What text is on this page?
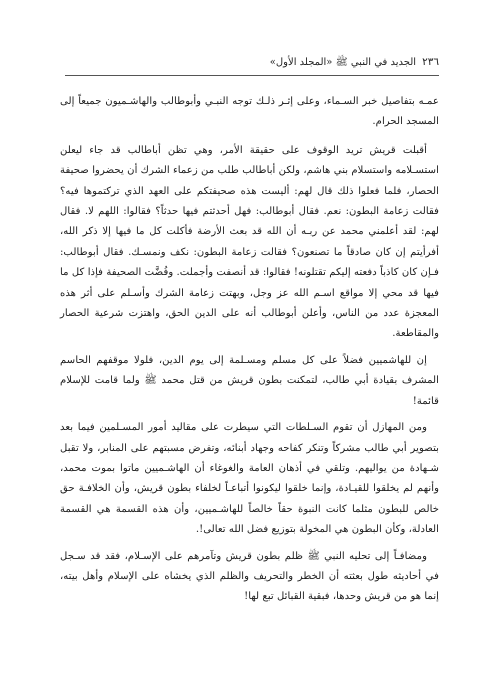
٢٣٦
الجديد في النبي ﷺ «المجلد الأول»

عمـه بتفاصيل خبر السـماء، وعلى إثـر ذلـك توجه النبـي وأبوطالب والهاشـميون جميعاً إلى المسجد الحرام.

أقبلت قريش تريد الوقوف على حقيقة الأمر، وهي تظن أباطالب قد جاء ليعلن استسـلامه واستسلام بني هاشم، ولكن أباطالب طلب من زعماء الشرك أن يحضروا صحيفة الحصار، فلما فعلوا ذلك قال لهم: أليست هذه صحيفتكم على العهد الذي تركتموها فيه؟ فقالت زعامة البطون: نعم. فقال أبوطالب: فهل أحدثتم فيها حدثاً؟ فقالوا: اللهم لا. فقال لهم: لقد أعلمني محمد عن ربـه أن الله قد بعث الأرضة فأكلت كل ما فيها إلا ذكر الله، أفرأيتم إن كان صادقاً ما تصنعون؟ فقالت زعامة البطون: نكف ونمسـك. فقال أبوطالب: فـإن كان كاذباً دفعته إليكم تقتلونه! فقالوا: قد أنصفت وأجملت. وفُضَّت الصحيفة فإذا كل ما فيها قد محي إلا مواقع اسـم الله عز وجل، وبهتت زعامة الشرك وأسـلم على أثر هذه المعجزة عدد من الناس، وأعلن أبوطالب أنه على الدين الحق، واهتزت شرعية الحصار والمقاطعة.

إن للهاشميين فضلاً على كل مسلم ومسـلمة إلى يوم الدين، فلولا موقفهم الحاسم المشرف بقيادة أبي طالب، لتمكنت بطون قريش من قتل محمد ﷺ ولما قامت للإسلام قائمة!

ومن المهازل أن تقوم السـلطات التي سيطرت على مقاليد أمور المسـلمين فيما بعد بتصوير أبي طالب مشركاً وتنكر كفاحه وجهاد أبنائه، وتفرض مسبتهم على المنابر، ولا تقبل شـهادة من يواليهم. وتلقي في أذهان العامة والغوغاء أن الهاشـميين ماتوا بموت محمد، وأنهم لم يخلقوا للقيـادة، وإنما خلقوا ليكونوا أتباعـاً لخلفاء بطون قريش، وأن الخلافـة حق خالص للبطون مثلما كانت النبوة حقاً خالصاً للهاشـميين، وأن هذه القسمة هي القسمة العادلة، وكأن البطون هي المخولة بتوزيع فضل الله تعالى!.

ومضافـاً إلى تحليه النبي ﷺ ظلم بطون قريش وتآمرهم على الإسـلام، فقد قد سـجل في أحاديثه طول بعثته أن الخطر والتحريف والظلم الذي يخشاه على الإسلام وأهل بيته، إنما هو من قريش وحدها، فبقية القبائل تبع لها!
